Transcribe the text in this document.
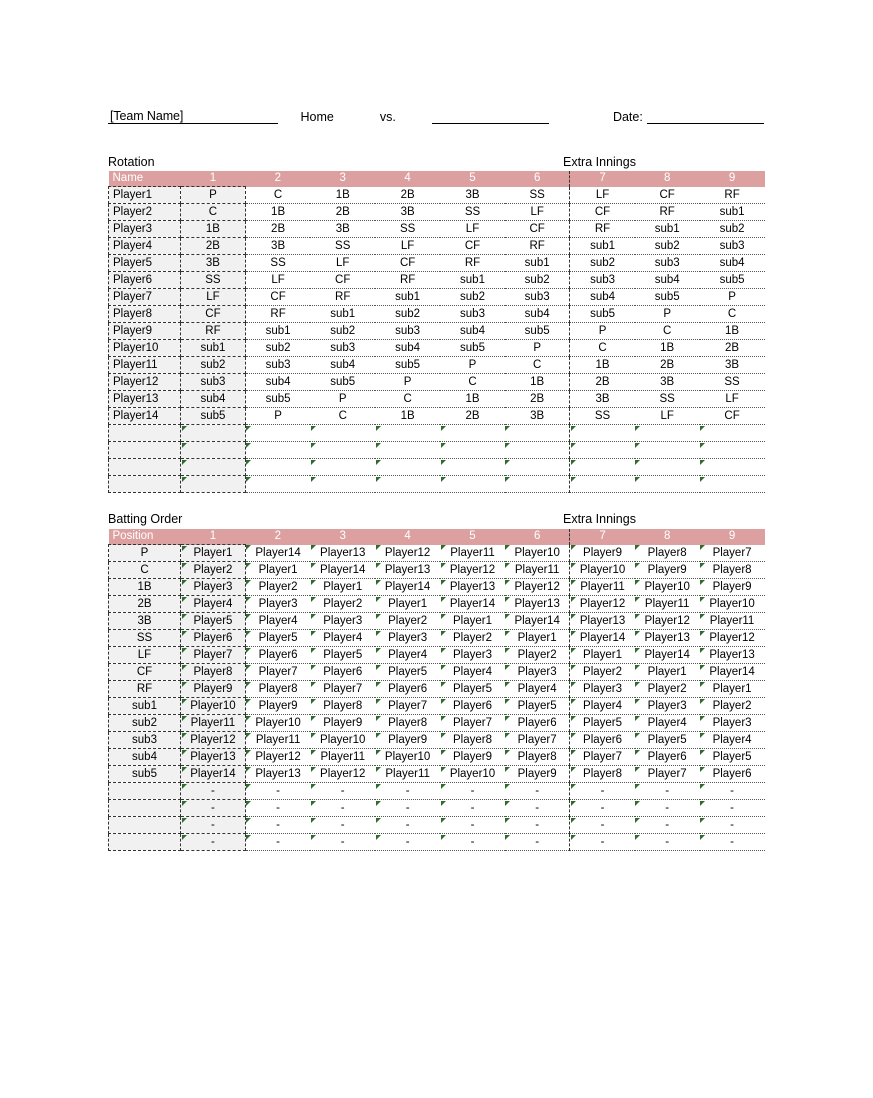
[Team Name]	Home	vs.	Date:
Rotation	Extra Innings
Name	1	2	3	4	5	6	7	8	9
Player1	P	C	1B	2B	3B	SS	LF	CF	RF
Player2	C	1B	2B	3B	SS	LF	CF	RF	sub1
Player3	1B	2B	3B	SS	LF	CF	RF	sub1	sub2
Player4	2B	3B	SS	LF	CF	RF	sub1	sub2	sub3
Player5	3B	SS	LF	CF	RF	sub1	sub2	sub3	sub4
Player6	SS	LF	CF	RF	sub1	sub2	sub3	sub4	sub5
Player7	LF	CF	RF	sub1	sub2	sub3	sub4	sub5	P
Player8	CF	RF	sub1	sub2	sub3	sub4	sub5	P	C
Player9	RF	sub1	sub2	sub3	sub4	sub5	P	C	1B
Player10	sub1	sub2	sub3	sub4	sub5	P	C	1B	2B
Player11	sub2	sub3	sub4	sub5	P	C	1B	2B	3B
Player12	sub3	sub4	sub5	P	C	1B	2B	3B	SS
Player13	sub4	sub5	P	C	1B	2B	3B	SS	LF
Player14	sub5	P	C	1B	2B	3B	SS	LF	CF

Batting Order	Extra Innings
Position	1	2	3	4	5	6	7	8	9
P	Player1	Player14	Player13	Player12	Player11	Player10	Player9	Player8	Player7

C	Player2	Player1	Player14	Player13	Player12	Player11	Player10	Player9	Player8

1B	Player3	Player2	Player1	Player14	Player13	Player12	Player11	Player10	Player9

2B	Player4	Player3	Player2	Player1	Player14	Player13	Player12	Player11	Player10

3B	Player5	Player4	Player3	Player2	Player1	Player14	Player13	Player12	Player11

SS	Player6	Player5	Player4	Player3	Player2	Player1	Player14	Player13	Player12

LF	Player7	Player6	Player5	Player4	Player3	Player2	Player1	Player14	Player13

CF	Player8	Player7	Player6	Player5	Player4	Player3	Player2	Player1	Player14

RF	Player9	Player8	Player7	Player6	Player5	Player4	Player3	Player2	Player1

sub1	Player10	Player9	Player8	Player7	Player6	Player5	Player4	Player3	Player2

sub2	Player11	Player10	Player9	Player8	Player7	Player6	Player5	Player4	Player3

sub3	Player12	Player11	Player10	Player9	Player8	Player7	Player6	Player5	Player4

sub4	Player13	Player12	Player11	Player10	Player9	Player8	Player7	Player6	Player5

sub5	Player14	Player13	Player12	Player11	Player10	Player9	Player8	Player7	Player6

	-	-	-	-	-	-	-	-	-

	-	-	-	-	-	-	-	-	-

	-	-	-	-	-	-	-	-	-

	-	-	-	-	-	-	-	-	-
